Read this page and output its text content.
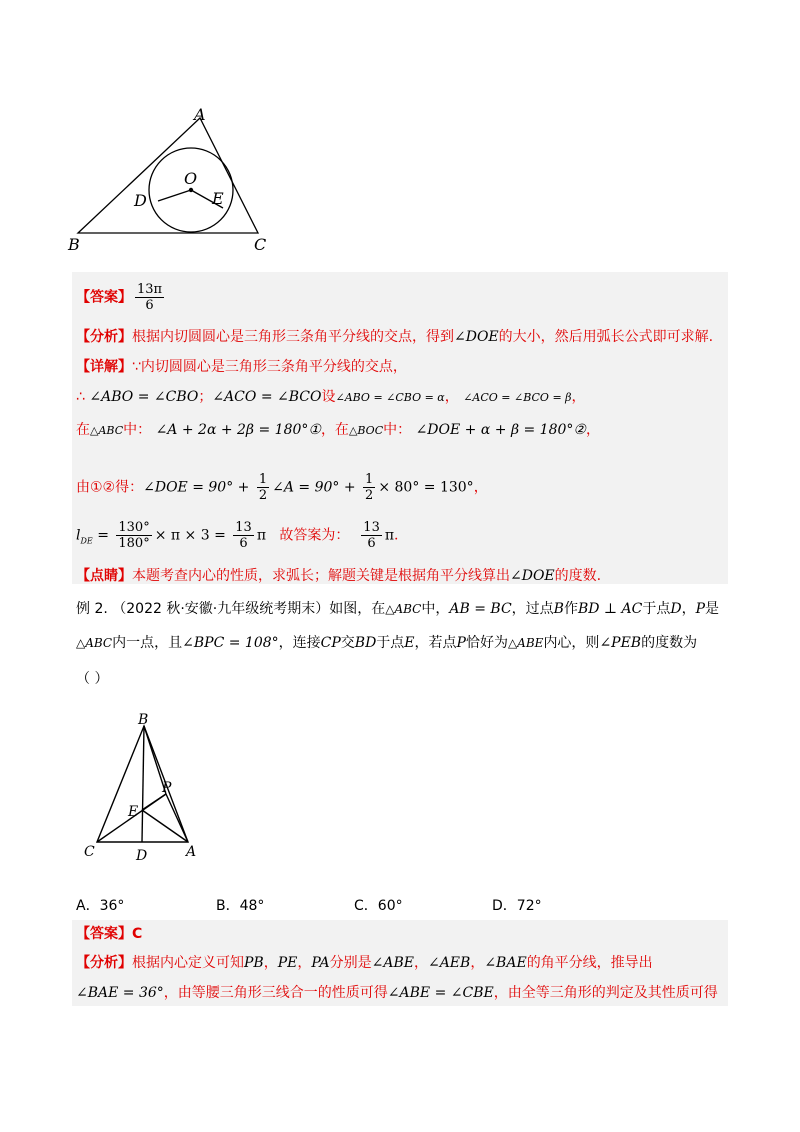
A
B	C
O
D	E
【答案】 $\frac{13\pi}{6}$
【分析】根据内切圆圆心是三角形三条角平分线的交点，得到∠DOE的大小，然后用弧长公式即可求解.
【详解】∵内切圆圆心是三角形三条角平分线的交点，
∴ ∠ABO = ∠CBO；∠ACO = ∠BCO设∠ABO = ∠CBO = α， ∠ACO = ∠BCO = β，
在△ABC中： ∠A + 2α + 2β = 180°①，在△BOC中： ∠DOE + α + β = 180°②，
由①②得：∠DOE = $90^\circ + \frac{1}{2}$ ∠A = $90^\circ + \frac{1}{2} \times 80^\circ = 130^\circ$，
$l_{DE} = \frac{130^\circ}{180^\circ} \times \pi \times 3 = \frac{13}{6}$ π 故答案为： $\frac{13}{6} \pi$.
【点睛】本题考查内心的性质，求弧长；解题关键是根据角平分线算出∠DOE的度数.
例 2. （2022 秋·安徽·九年级统考期末）如图，在△ABC中，AB = BC，过点B作BD ⊥ AC于点D，P是
△ABC内一点，且∠BPC = 108°，连接CP交BD于点E，若点P恰好为△ABE内心，则∠PEB的度数为
（ ）
B
E
P
C	D	A
A．36°	B．48°	C．60°	D．72°
【答案】C
【分析】根据内心定义可知PB，PE，PA分别是∠ABE，∠AEB，∠BAE的角平分线，推导出
∠BAE = 36°，由等腰三角形三线合一的性质可得∠ABE = ∠CBE，由全等三角形的判定及其性质可得
